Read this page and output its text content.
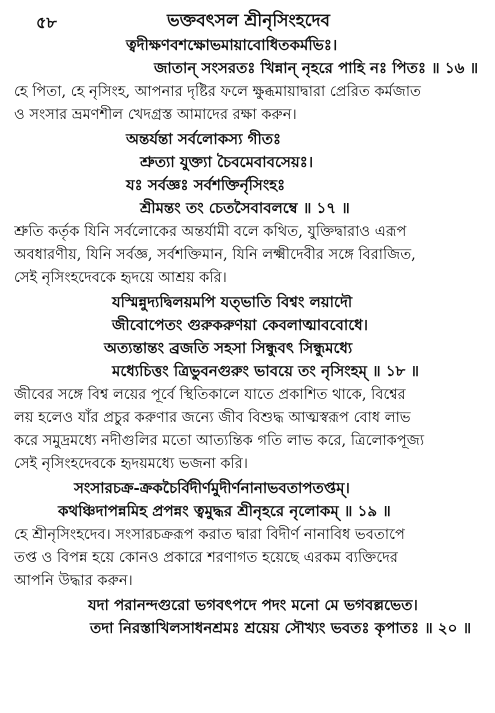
৫৮	ভক্তবৎসল শ্রীনৃসিংহদেব
ত্বদীক্ষণবশক্ষোভমায়াবোধিতকর্মভিঃ।
জাতান্ সংসরতঃ খিন্নান্ নৃহরে পাহি নঃ পিতঃ ॥ ১৬ ॥
হে পিতা, হে নৃসিংহ, আপনার দৃষ্টির ফলে ক্ষুব্ধমায়াদ্বারা প্রেরিত কর্মজাত
ও সংসার ভ্রমণশীল খেদগ্রস্ত আমাদের রক্ষা করুন।
অন্তর্যন্তা সর্বলোকস্য গীতঃ
শ্রুত্যা যুক্ত্যা চৈবমেবাবসেয়ঃ।
যঃ সর্বজ্ঞঃ সর্বশক্তির্নৃসিংহঃ
শ্রীমন্তং তং চেতসৈবাবলম্বে ॥ ১৭ ॥
শ্রুতি কর্তৃক যিনি সর্বলোকের অন্তর্যামী বলে কথিত, যুক্তিদ্বারাও এরূপ
অবধারণীয়, যিনি সর্বজ্ঞ, সর্বশক্তিমান, যিনি লক্ষ্মীদেবীর সঙ্গে বিরাজিত,
সেই নৃসিংহদেবকে হৃদয়ে আশ্রয় করি।
যস্মিন্নুদ্যদ্বিলয়মপি যত্ভাতি বিশ্বং লয়াদৌ
জীবোপেতং গুরুকরুণয়া কেবলাত্মাববোধে।
অত্যন্তান্তং ব্রজতি সহসা সিন্ধুবৎ সিন্ধুমধ্যে
মধ্যেচিত্তং ত্রিভুবনগুরুং ভাবয়ে তং নৃসিংহম্ ॥ ১৮ ॥
জীবের সঙ্গে বিশ্ব লয়ের পূর্বে স্থিতিকালে যাতে প্রকাশিত থাকে, বিশ্বের
লয় হলেও যাঁর প্রচুর করুণার জন্যে জীব বিশুদ্ধ আত্মস্বরূপ বোধ লাভ
করে সমুদ্রমধ্যে নদীগুলির মতো আত্যন্তিক গতি লাভ করে, ত্রিলোকপূজ্য
সেই নৃসিংহদেবকে হৃদয়মধ্যে ভজনা করি।
সংসারচক্র-ক্রকচৈর্বিদীর্ণমুদীর্ণনানাভবতাপতপ্তম্।
কথঞ্চিদাপন্নমিহ প্রপন্নং ত্বমুদ্ধর শ্রীনৃহরে নৃলোকম্ ॥ ১৯ ॥
হে শ্রীনৃসিংহদেব। সংসারচক্ররূপ করাত দ্বারা বিদীর্ণ নানাবিধ ভবতাপে
তপ্ত ও বিপন্ন হয়ে কোনও প্রকারে শরণাগত হয়েছে এরকম ব্যক্তিদের
আপনি উদ্ধার করুন।
যদা পরানন্দগুরো ভগবৎপদে পদং মনো মে ভগবল্লভেত।
তদা নিরস্তাখিলসাধনশ্রমঃ শ্রয়েয় সৌখ্যং ভবতঃ কৃপাতঃ ॥ ২০ ॥
